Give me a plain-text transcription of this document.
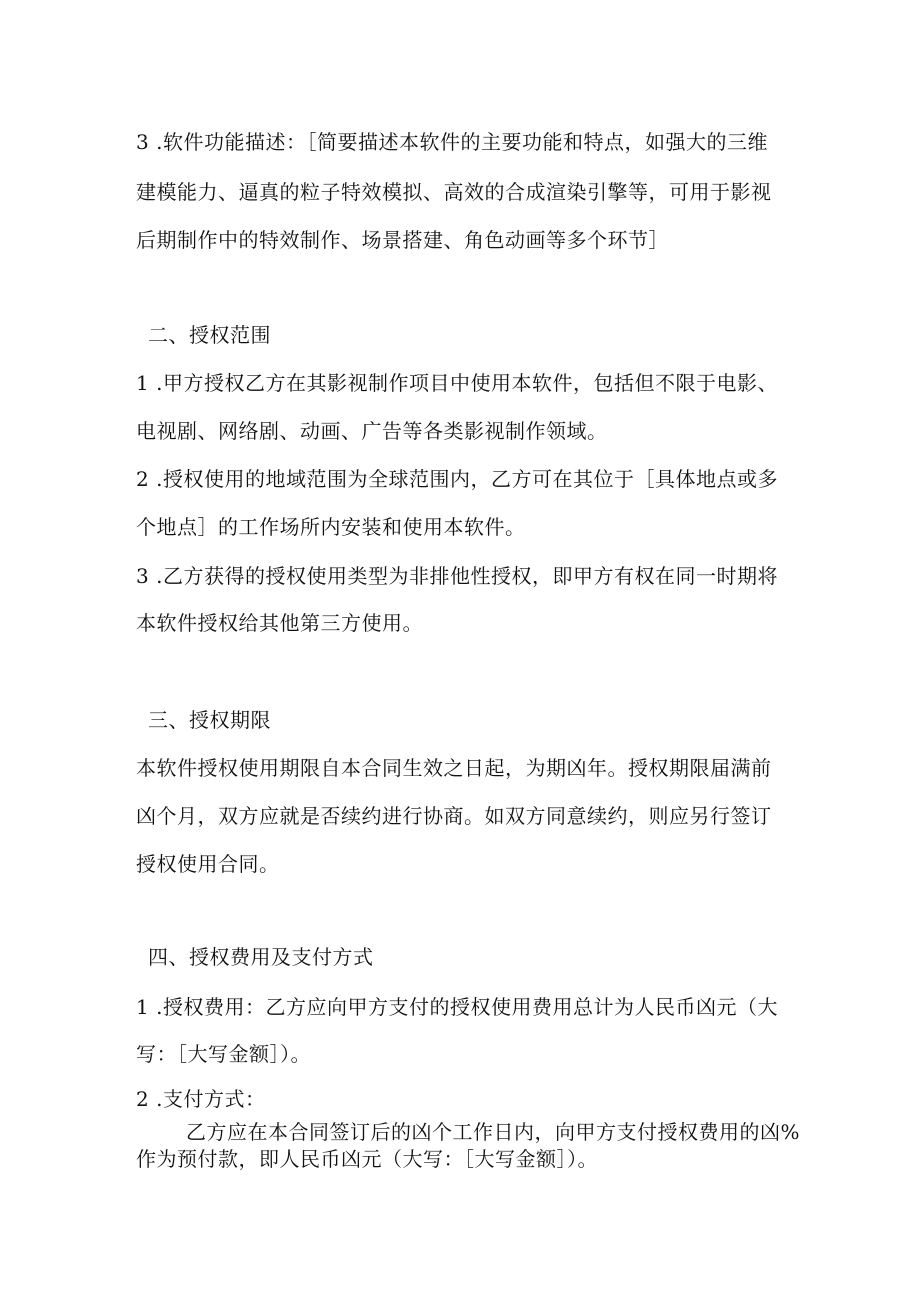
3 .软件功能描述：［简要描述本软件的主要功能和特点，如强大的三维
建模能力、逼真的粒子特效模拟、高效的合成渲染引擎等，可用于影视
后期制作中的特效制作、场景搭建、角色动画等多个环节］
二、授权范围
1 .甲方授权乙方在其影视制作项目中使用本软件，包括但不限于电影、
电视剧、网络剧、动画、广告等各类影视制作领域。
2 .授权使用的地域范围为全球范围内，乙方可在其位于［具体地点或多
个地点］的工作场所内安装和使用本软件。
3 .乙方获得的授权使用类型为非排他性授权，即甲方有权在同一时期将
本软件授权给其他第三方使用。
三、授权期限
本软件授权使用期限自本合同生效之日起，为期凶年。授权期限届满前
凶个月，双方应就是否续约进行协商。如双方同意续约，则应另行签订
授权使用合同。
四、授权费用及支付方式
1 .授权费用：乙方应向甲方支付的授权使用费用总计为人民币凶元（大
写：［大写金额］）。
2 .支付方式：
乙方应在本合同签订后的凶个工作日内，向甲方支付授权费用的凶%
作为预付款，即人民币凶元（大写：［大写金额］）。
